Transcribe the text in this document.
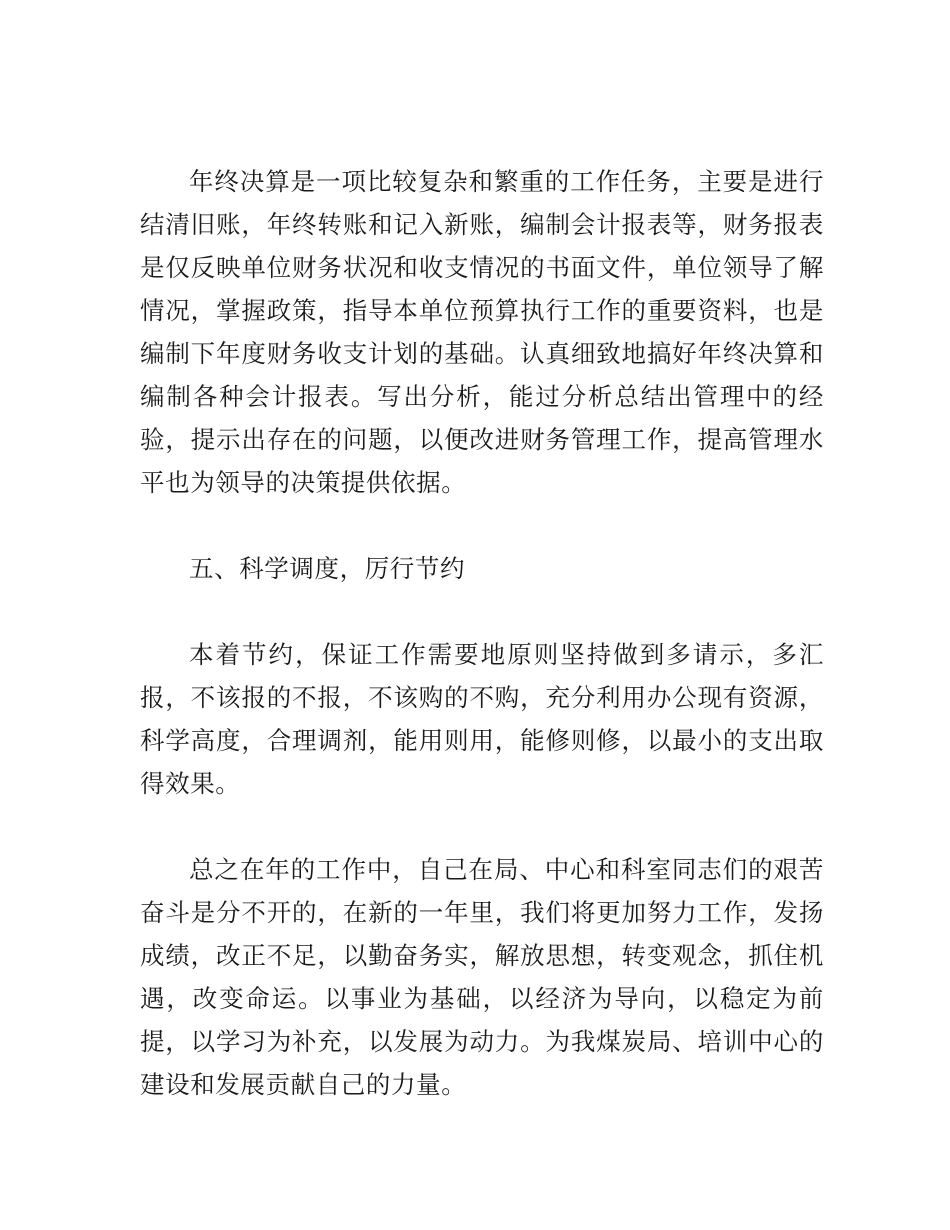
年终决算是一项比较复杂和繁重的工作任务，主要是进行结清旧账，年终转账和记入新账，编制会计报表等，财务报表是仅反映单位财务状况和收支情况的书面文件，单位领导了解情况，掌握政策，指导本单位预算执行工作的重要资料，也是编制下年度财务收支计划的基础。认真细致地搞好年终决算和编制各种会计报表。写出分析，能过分析总结出管理中的经验，提示出存在的问题，以便改进财务管理工作，提高管理水平也为领导的决策提供依据。

五、科学调度，厉行节约

本着节约，保证工作需要地原则坚持做到多请示，多汇报，不该报的不报，不该购的不购，充分利用办公现有资源，科学高度，合理调剂，能用则用，能修则修，以最小的支出取得效果。

总之在年的工作中，自己在局、中心和科室同志们的艰苦奋斗是分不开的，在新的一年里，我们将更加努力工作，发扬成绩，改正不足，以勤奋务实，解放思想，转变观念，抓住机遇，改变命运。以事业为基础，以经济为导向，以稳定为前提，以学习为补充，以发展为动力。为我煤炭局、培训中心的建设和发展贡献自己的力量。
